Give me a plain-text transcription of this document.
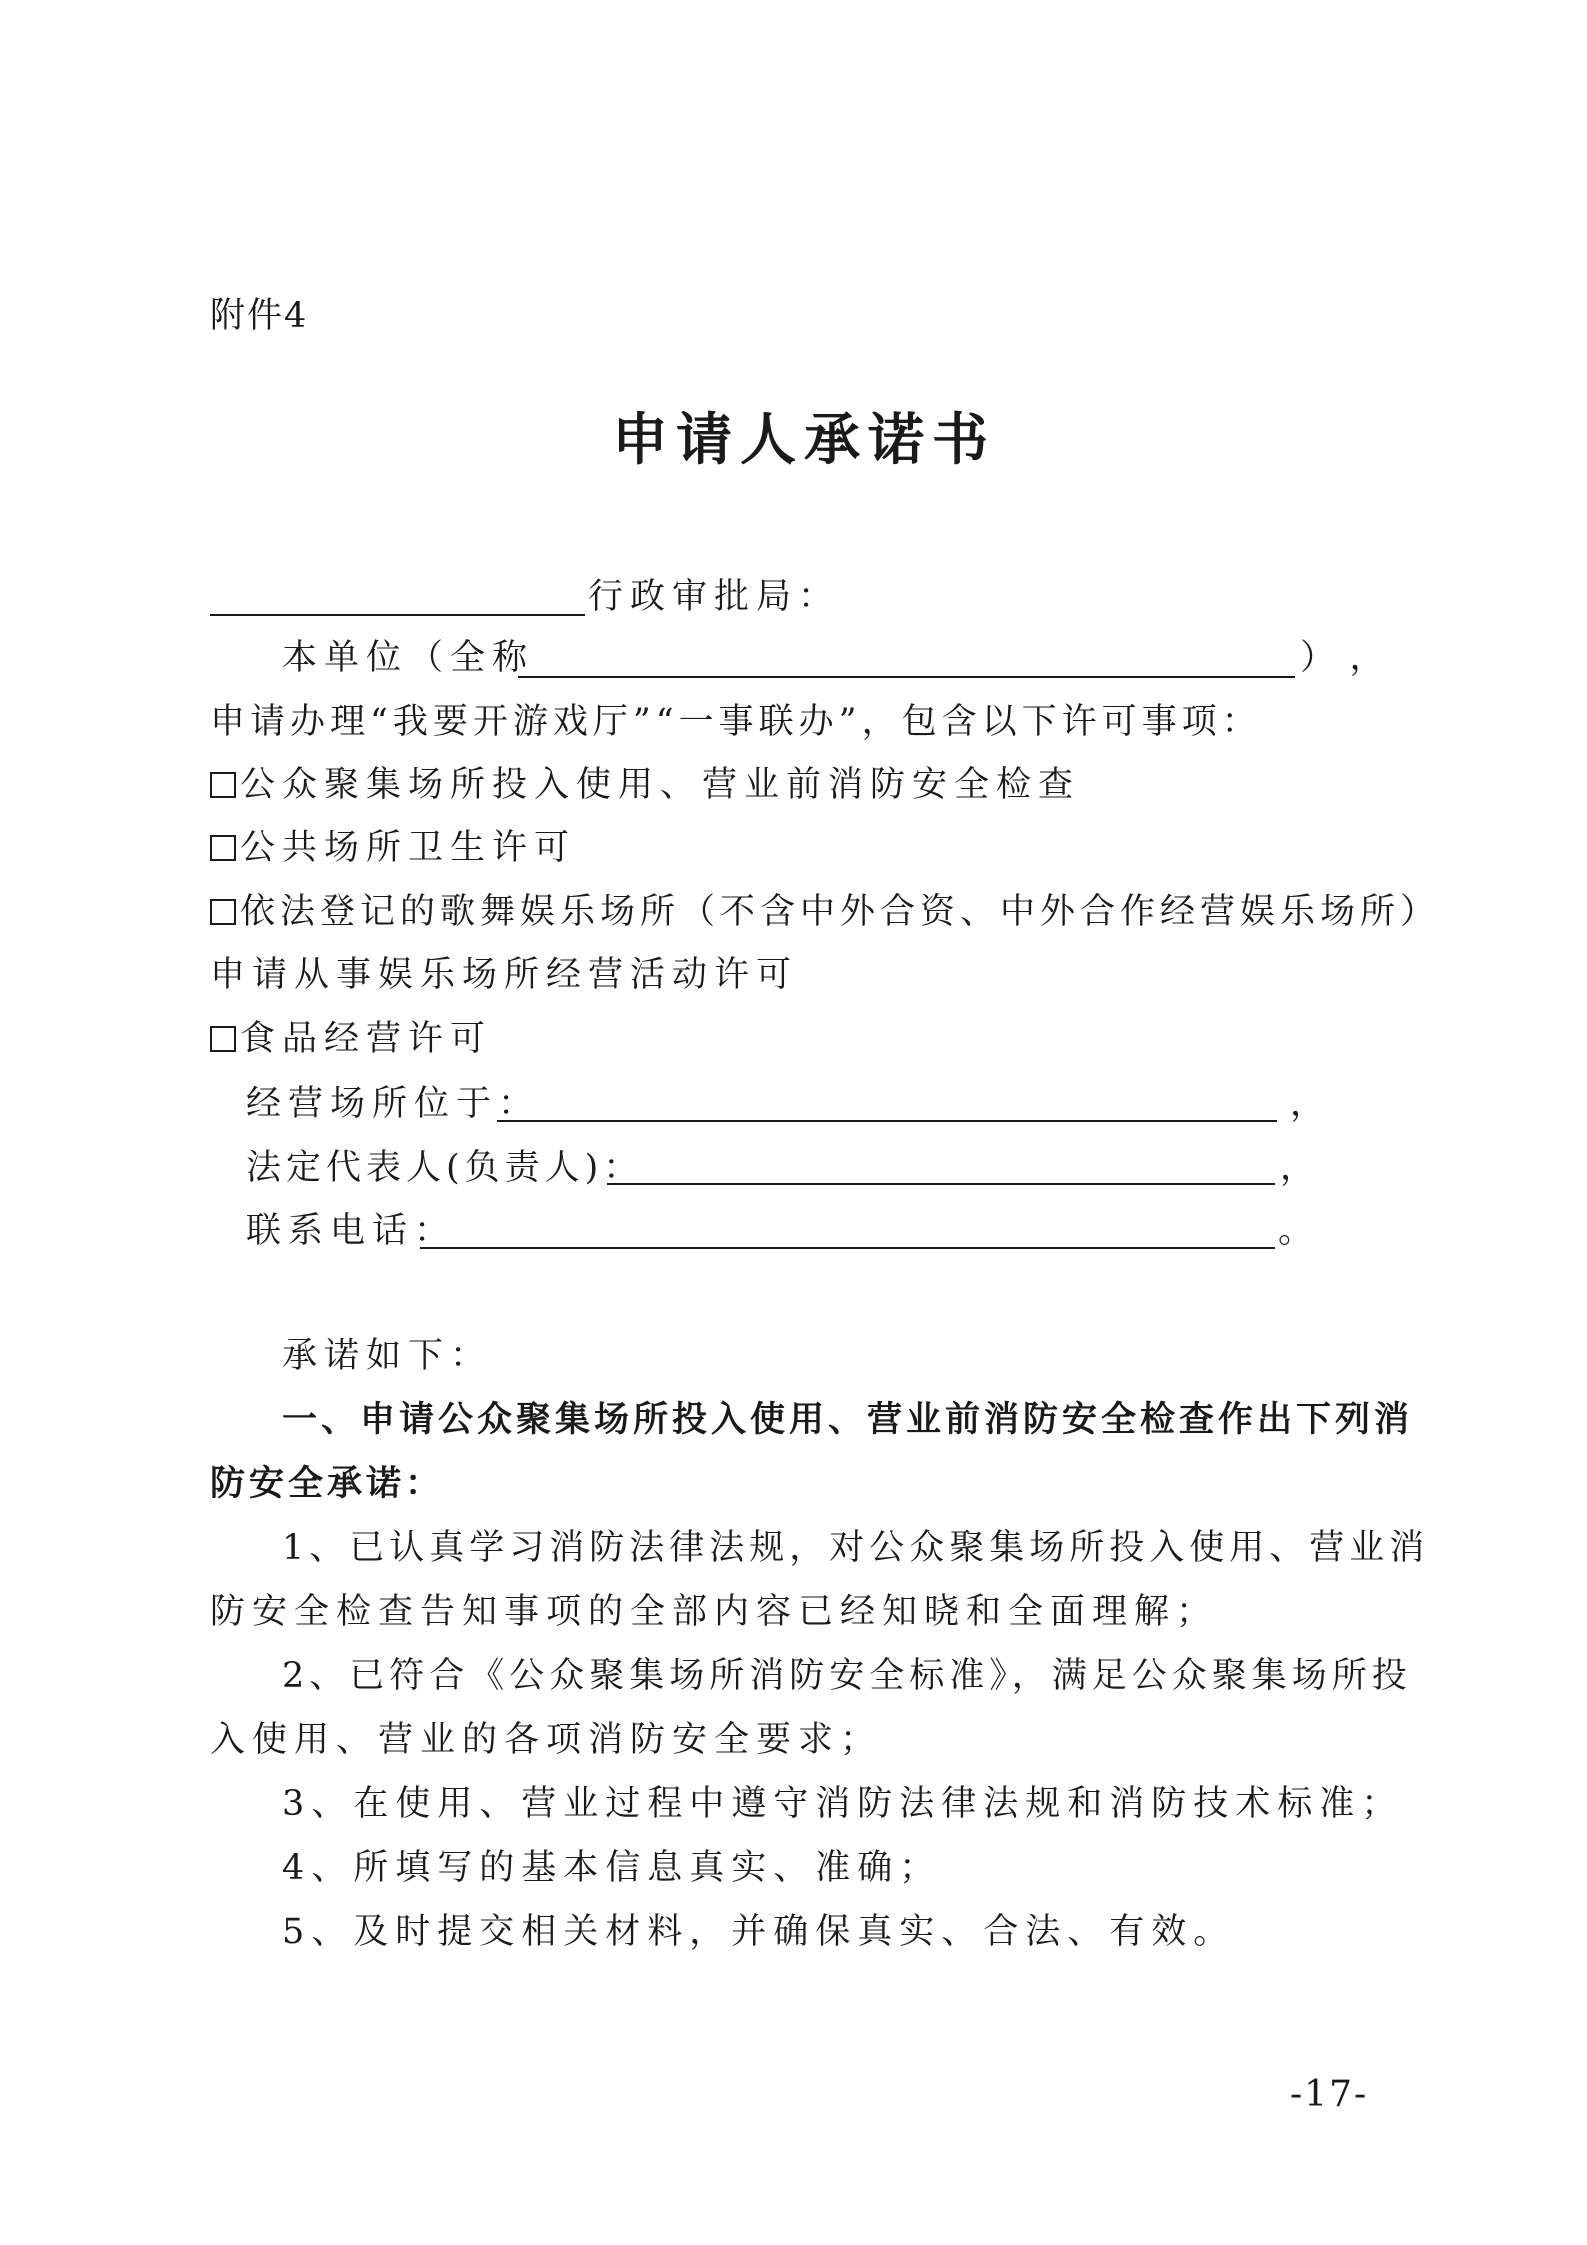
附件4
申请人承诺书
行政审批局：
本单位（全称	），
申请办理“我要开游戏厅”“一事联办”，包含以下许可事项：
公众聚集场所投入使用、营业前消防安全检查
公共场所卫生许可
依法登记的歌舞娱乐场所（不含中外合资、中外合作经营娱乐场所）
申请从事娱乐场所经营活动许可
食品经营许可
经营场所位于：	，
法定代表人(负责人)：	，
联系电话：	。
承诺如下：
一、申请公众聚集场所投入使用、营业前消防安全检查作出下列消
防安全承诺：
1、已认真学习消防法律法规，对公众聚集场所投入使用、营业消
防安全检查告知事项的全部内容已经知晓和全面理解；
2、已符合《公众聚集场所消防安全标准》，满足公众聚集场所投
入使用、营业的各项消防安全要求；
3、在使用、营业过程中遵守消防法律法规和消防技术标准；
4、所填写的基本信息真实、准确；
5、及时提交相关材料，并确保真实、合法、有效。
-17-
